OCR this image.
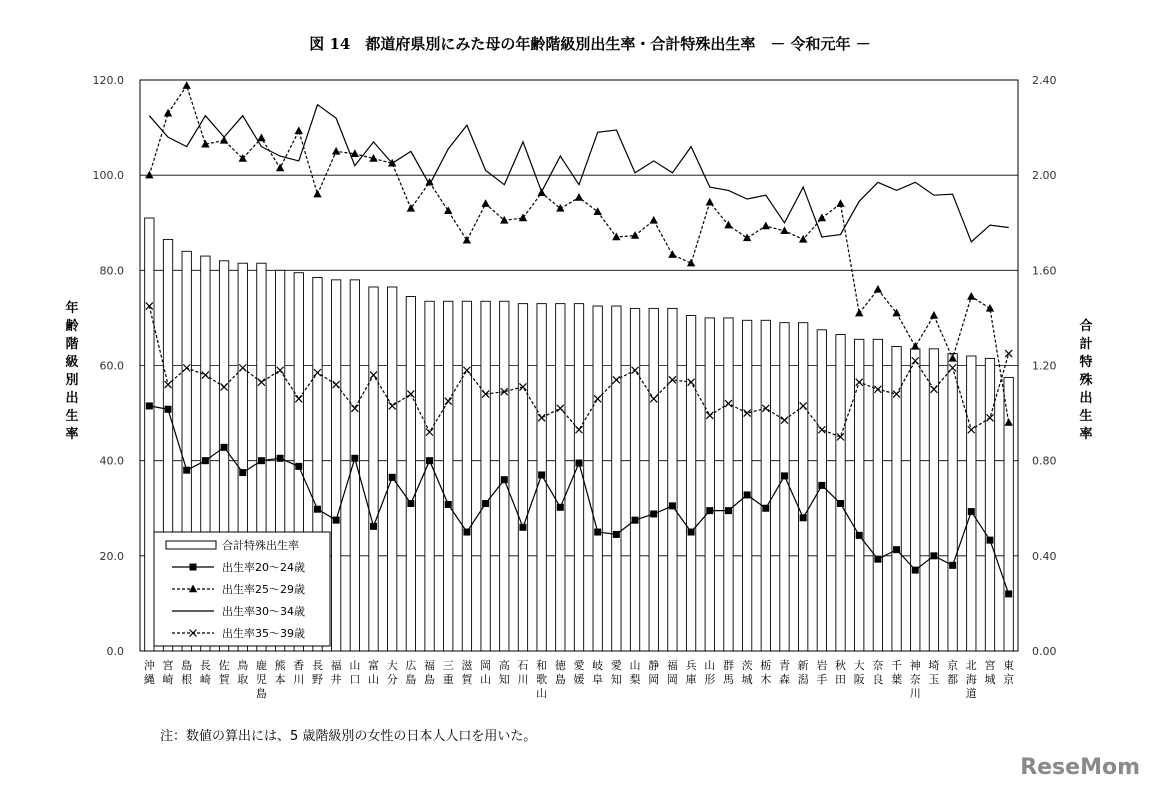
図 14　都道府県別にみた母の年齢階級別出生率・合計特殊出生率　－ 令和元年 －
0.0	0.00
20.0	0.40
40.0	0.80
60.0	1.20
80.0	1.60
100.0	2.00
120.0	2.40
沖縄
宮崎
島根
長崎
佐賀
鳥取
鹿児島
熊本
香川
長野
福井
山口
富山
大分
広島
福島
三重
滋賀
岡山
高知
石川
和歌山
徳島
愛媛
岐阜
愛知
山梨
静岡
福岡
兵庫
山形
群馬
茨城
栃木
青森
新潟
岩手
秋田
大阪
奈良
千葉
神奈川
埼玉
京都
北海道
宮城
東京
年
齢
階
級
別
出
生
率
合
計
特
殊
出
生
率
合計特殊出生率
出生率20～24歳
出生率25～29歳
出生率30～34歳
出生率35～39歳
注：数値の算出には、5 歳階級別の女性の日本人人口を用いた。
ReseMom
